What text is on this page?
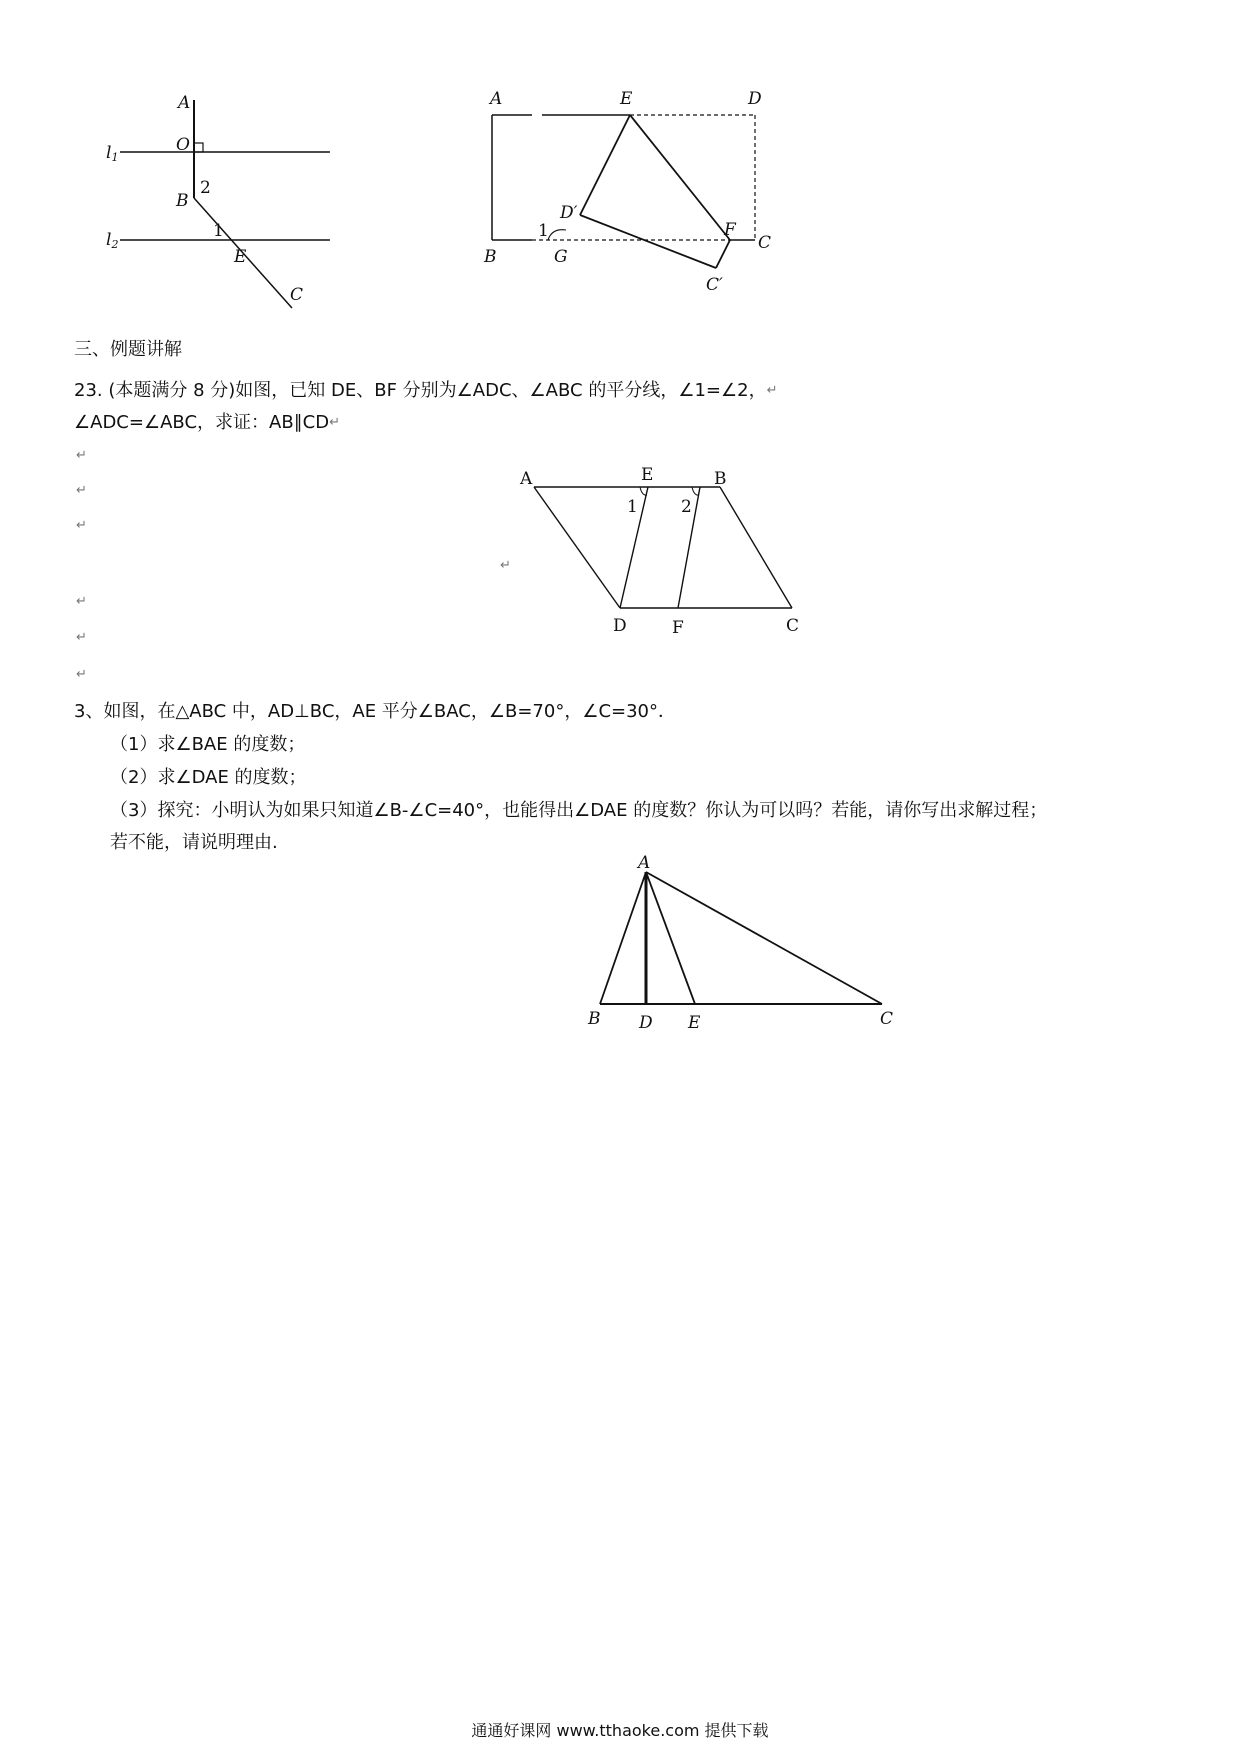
A
O
l1
B
2
l2
1
E
C
A	E	D
D′
1	F
C
B	G
C′
三、例题讲解
23. (本题满分 8 分)如图，已知 DE、BF 分别为∠ADC、∠ABC 的平分线，∠1=∠2， ↵
∠ADC=∠ABC，求证：AB∥CD ↵
↵
↵
↵
↵
↵
↵
↵
A	E	B
1	2
D	F	C
3、如图，在△ABC 中，AD⊥BC，AE 平分∠BAC，∠B=70°，∠C=30°．
（1）求∠BAE 的度数；
（2）求∠DAE 的度数；
（3）探究：小明认为如果只知道∠B-∠C=40°，也能得出∠DAE 的度数？你认为可以吗？若能，请你写出求解过程；
若不能，请说明理由.
A
B D E	C
通通好课网 www.tthaoke.com 提供下载
